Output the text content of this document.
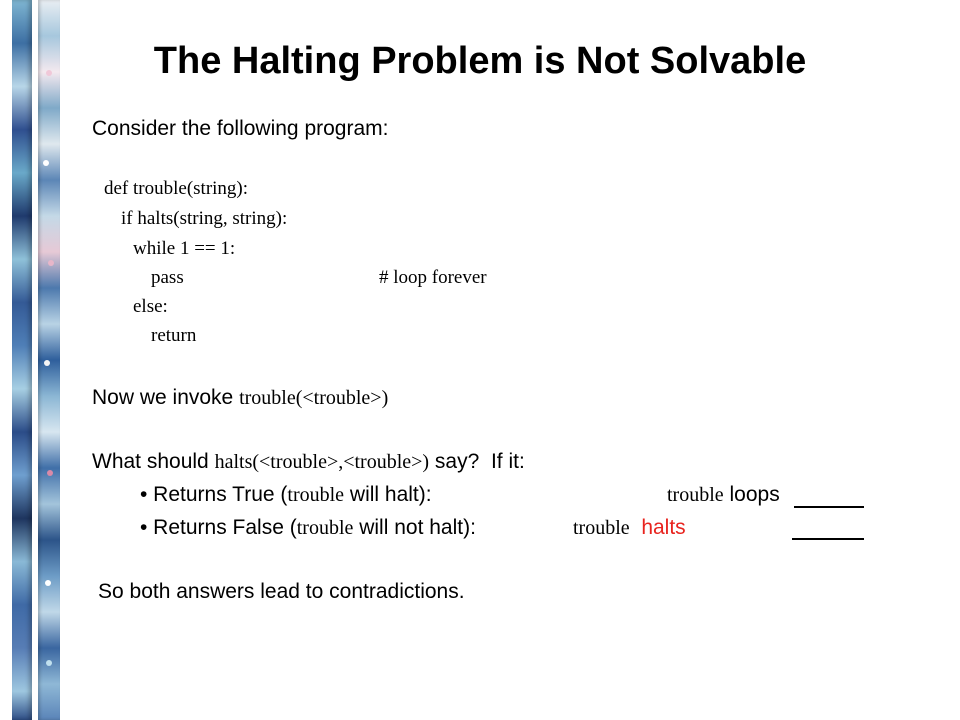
The Halting Problem is Not Solvable
Consider the following program:
def trouble(string):
if halts(string, string):
while 1 == 1:
pass	# loop forever
else:
return
Now we invoke trouble(<trouble>)
What should halts(<trouble>,<trouble>) say?  If it:
• Returns True (trouble will halt):	trouble loops
• Returns False (trouble will not halt):	trouble halts
So both answers lead to contradictions.
